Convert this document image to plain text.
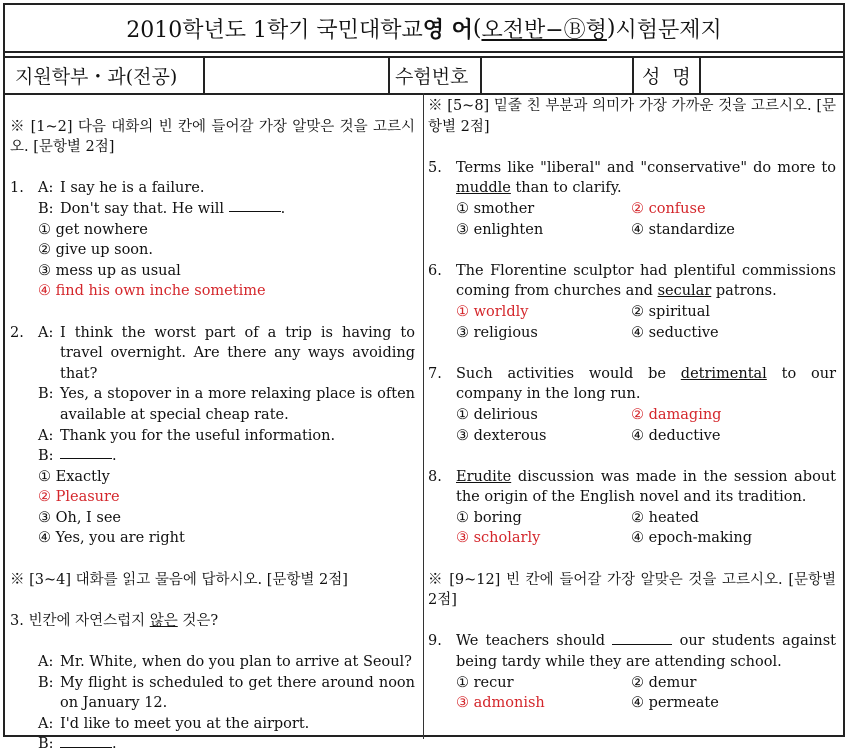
2010학년도 1학기 국민대학교 영 어 ( 오전반−Ⓑ형 ) 시험문제지
지원학부・과(전공)	수험번호	성  명
※ [1~2] 다음 대화의 빈 칸에 들어갈 가장 알맞은 것을 고르시오. [문항별 2점]
1. A: I say he is a failure.
B: Don't say that. He will
	.
① get nowhere
② give up soon.
③ mess up as usual
④ find his own inche sometime
2. A: I think the worst part of a trip is having to travel overnight. Are there any ways avoiding that?
B: Yes, a stopover in a more relaxing place is often available at special cheap rate.
A: Thank you for the useful information.
B:	.
① Exactly
② Pleasure
③ Oh, I see
④ Yes, you are right
※ [3~4] 대화를 읽고 물음에 답하시오. [문항별 2점]
3. 빈칸에 자연스럽지 않은 것은?
A: Mr. White, when do you plan to arrive at Seoul?
B: My flight is scheduled to get there around noon on January 12.
A: I'd like to meet you at the airport.
B:	.
※ [5~8] 밑줄 친 부분과 의미가 가장 가까운 것을 고르시오. [문항별 2점]
5. Terms like "liberal" and "conservative" do more to muddle than to clarify.
① smother	② confuse
③ enlighten	④ standardize
6. The Florentine sculptor had plentiful commissions coming from churches and secular patrons.
① worldly	② spiritual
③ religious	④ seductive
7. Such activities would be detrimental to our company in the long run.
① delirious	② damaging
③ dexterous	④ deductive
8. Erudite discussion was made in the session about the origin of the English novel and its tradition.
① boring	② heated
③ scholarly	④ epoch-making
※ [9~12] 빈 칸에 들어갈 가장 알맞은 것을 고르시오. [문항별 2점]
9. We teachers should	our students against being tardy while they are attending school.
① recur	② demur
③ admonish	④ permeate
